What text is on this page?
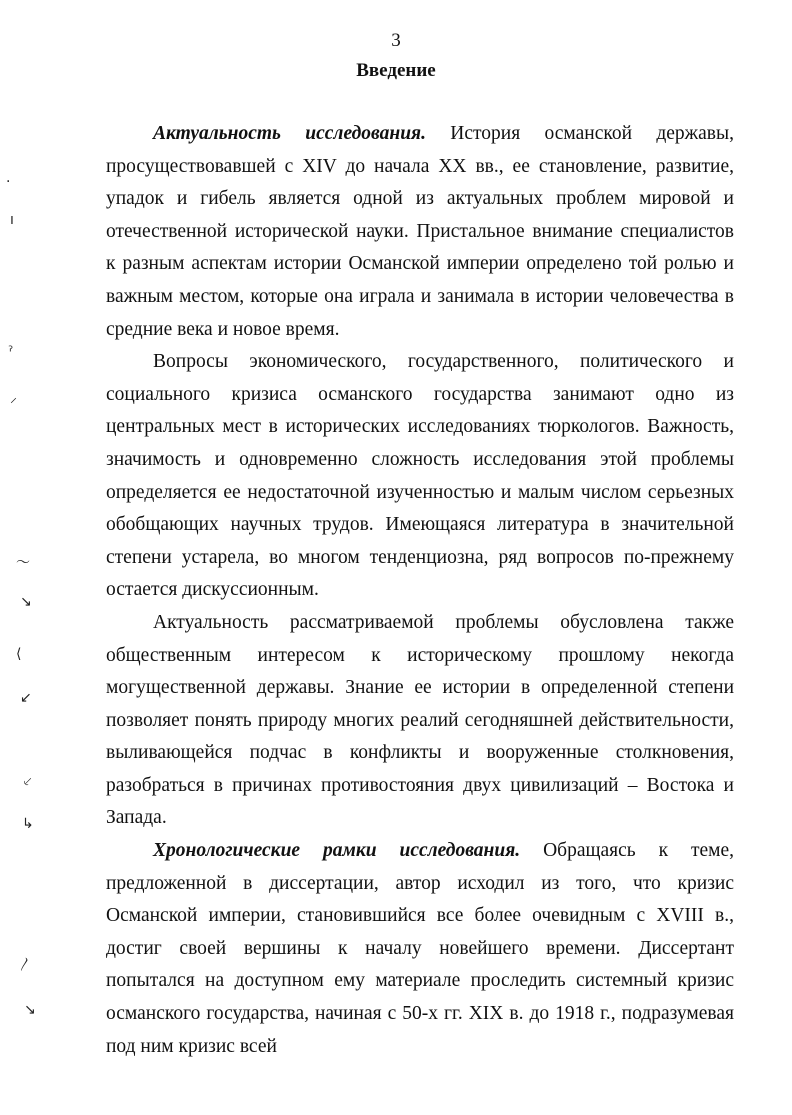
3
Введение

Актуальность исследования. История османской державы, просуществовавшей с XIV до начала XX вв., ее становление, развитие, упадок и гибель является одной из актуальных проблем мировой и отечественной исторической науки. Пристальное внимание специалистов к разным аспектам истории Османской империи определено той ролью и важным местом, которые она играла и занимала в истории человечества в средние века и новое время.

Вопросы экономического, государственного, политического и социального кризиса османского государства занимают одно из центральных мест в исторических исследованиях тюркологов. Важность, значимость и одновременно сложность исследования этой проблемы определяется ее недостаточной изученностью и малым числом серьезных обобщающих научных трудов. Имеющаяся литература в значительной степени устарела, во многом тенденциозна, ряд вопросов по-прежнему остается дискуссионным.

Актуальность рассматриваемой проблемы обусловлена также общественным интересом к историческому прошлому некогда могущественной державы. Знание ее истории в определенной степени позволяет понять природу многих реалий сегодняшней действительности, выливающейся подчас в конфликты и вооруженные столкновения, разобраться в причинах противостояния двух цивилизаций – Востока и Запада.

Хронологические рамки исследования. Обращаясь к теме, предложенной в диссертации, автор исходил из того, что кризис Османской империи, становившийся все более очевидным с XVIII в., достиг своей вершины к началу новейшего времени. Диссертант попытался на доступном ему материале проследить системный кризис османского государства, начиная с 50-х гг. XIX в. до 1918 г., подразумевая под ним кризис всей

.
ı
ˀ
⸝
〜
↘
⟨
↙
⸔
↳
〳
↘
